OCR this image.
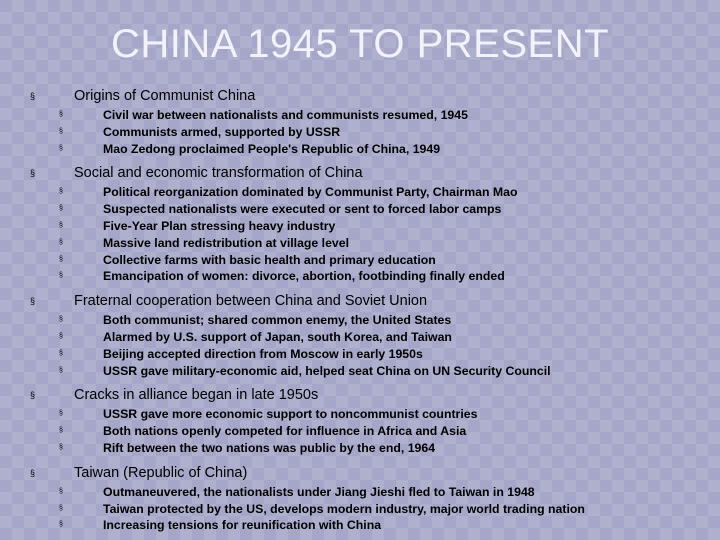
CHINA 1945 TO PRESENT
§	Origins of Communist China
§	Civil war between nationalists and communists resumed, 1945
§	Communists armed, supported by USSR
§	Mao Zedong proclaimed People's Republic of China, 1949
§	Social and economic transformation of China
§	Political reorganization dominated by Communist Party, Chairman Mao
§	Suspected nationalists were executed or sent to forced labor camps
§	Five-Year Plan stressing heavy industry
§	Massive land redistribution at village level
§	Collective farms with basic health and primary education
§	Emancipation of women: divorce, abortion, footbinding finally ended
§	Fraternal cooperation between China and Soviet Union
§	Both communist; shared common enemy, the United States
§	Alarmed by U.S. support of Japan, south Korea, and Taiwan
§	Beijing accepted direction from Moscow in early 1950s
§	USSR gave military-economic aid, helped seat China on UN Security Council
§	Cracks in alliance began in late 1950s
§	USSR gave more economic support to noncommunist countries
§	Both nations openly competed for influence in Africa and Asia
§	Rift between the two nations was public by the end, 1964
§	Taiwan (Republic of China)
§	Outmaneuvered, the nationalists under Jiang Jieshi fled to Taiwan in 1948
§	Taiwan protected by the US, develops modern industry, major world trading nation
§	Increasing tensions for reunification with China
